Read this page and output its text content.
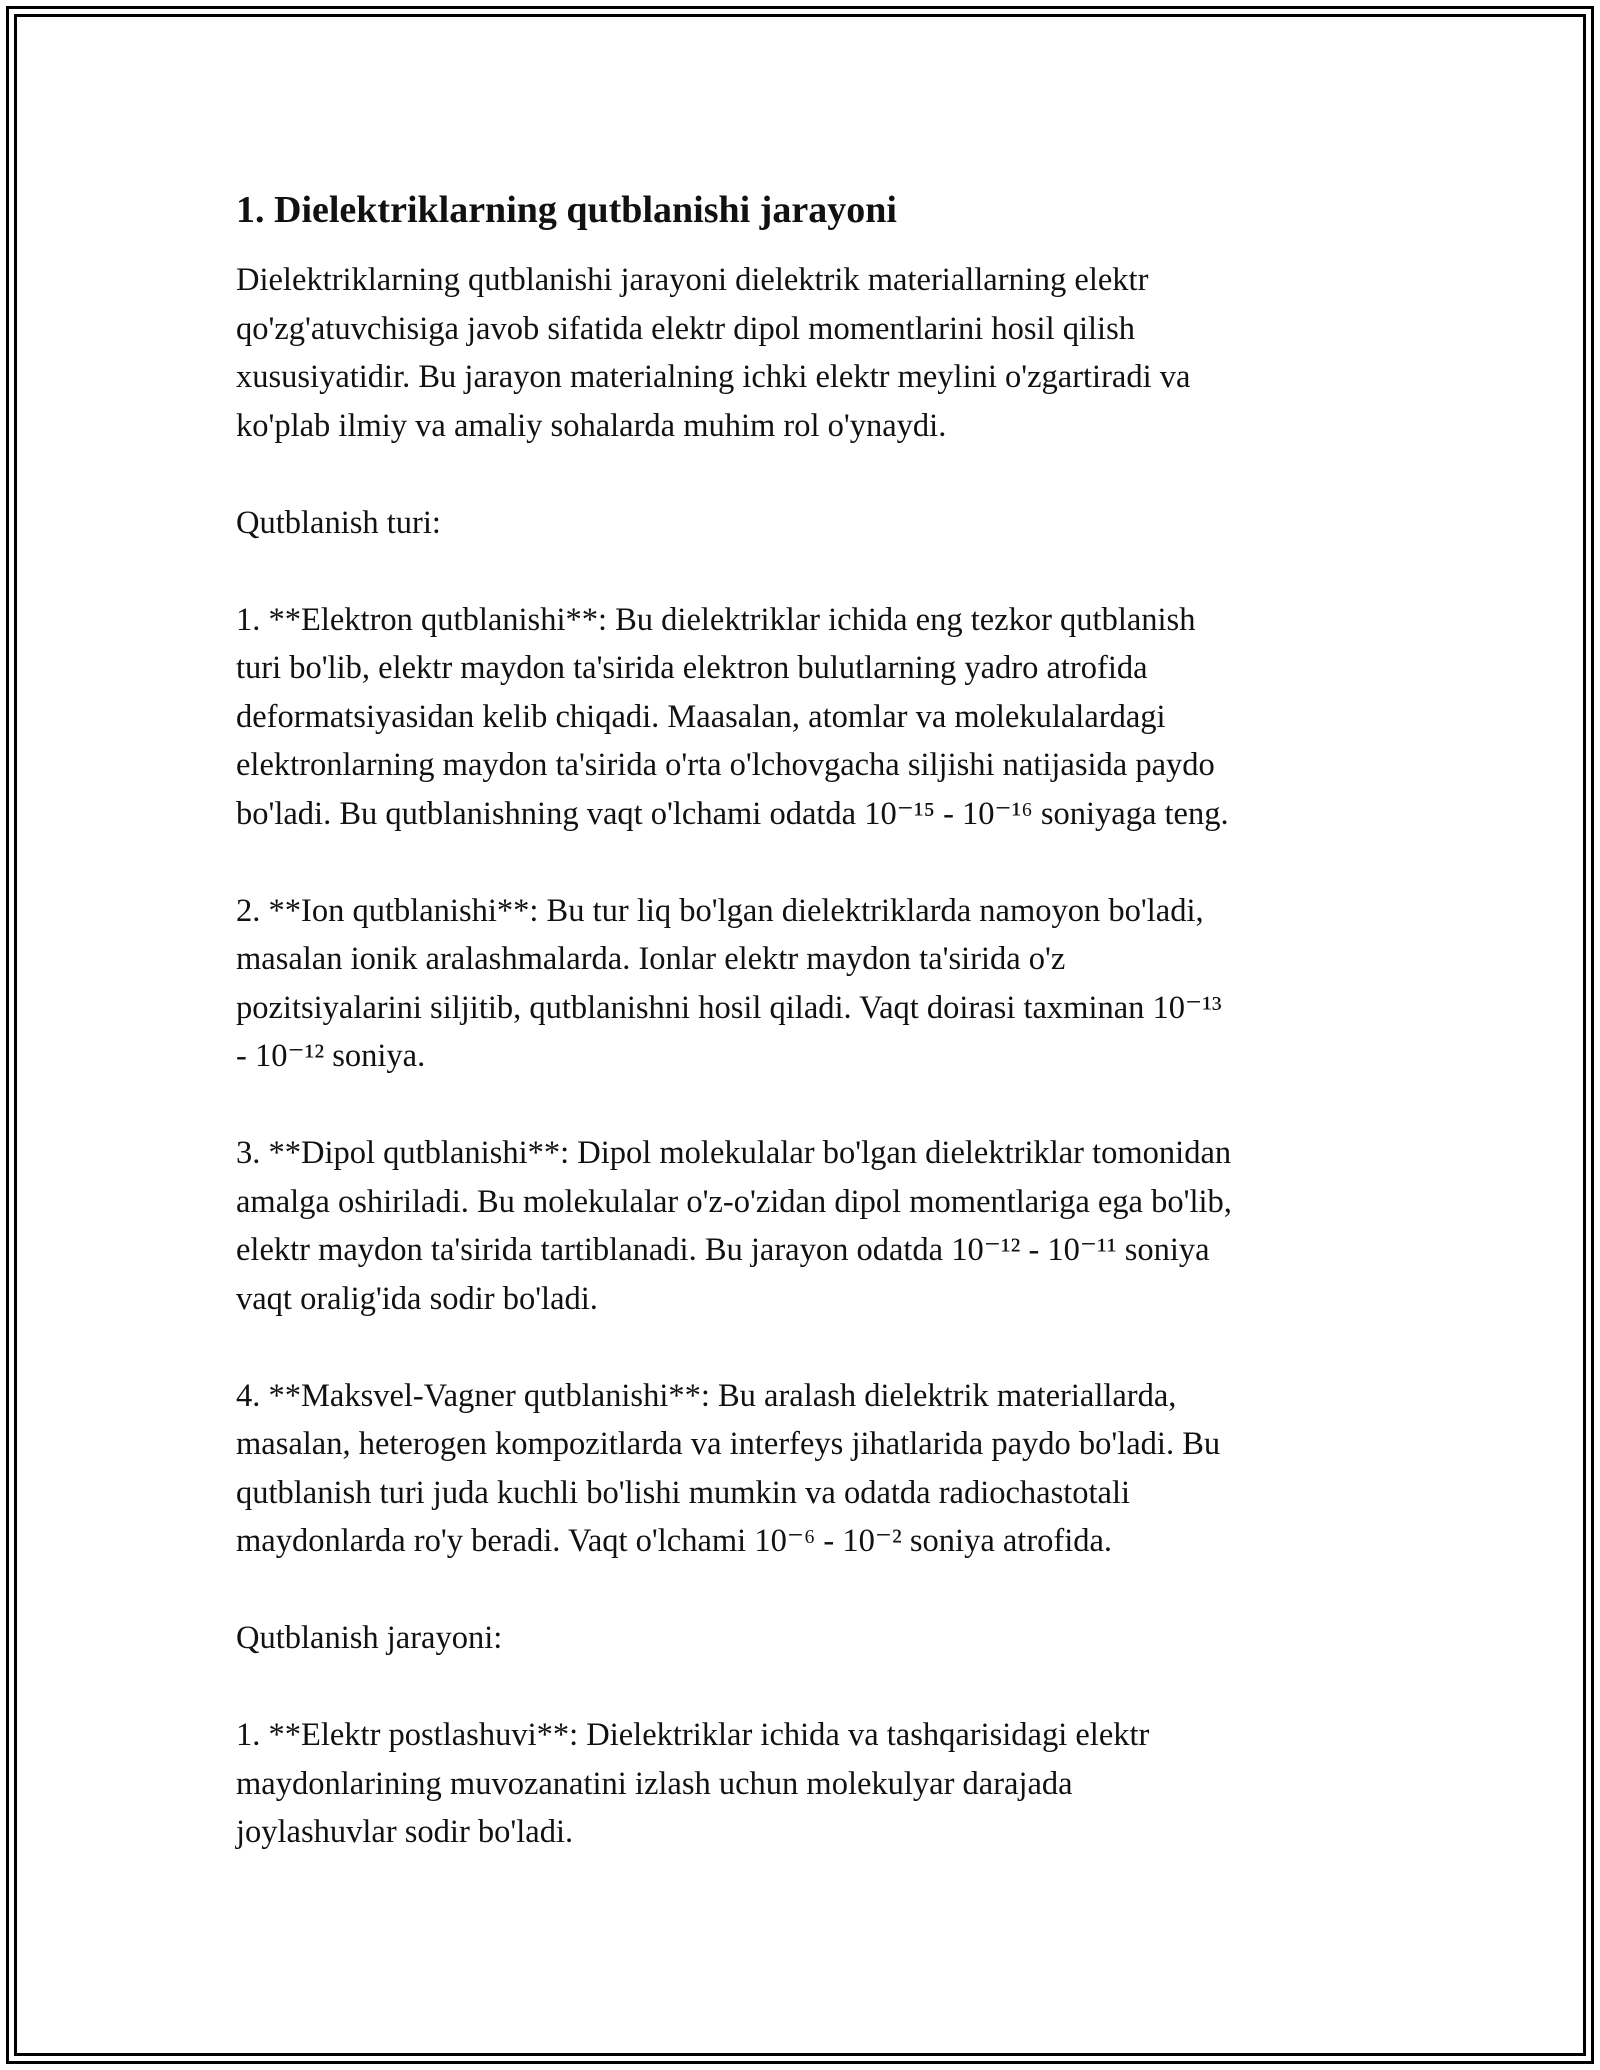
1. Dielektriklarning qutblanishi jarayoni

Dielektriklarning qutblanishi jarayoni dielektrik materiallarning elektr
qo'zg'atuvchisiga javob sifatida elektr dipol momentlarini hosil qilish
xususiyatidir. Bu jarayon materialning ichki elektr meylini o'zgartiradi va
ko'plab ilmiy va amaliy sohalarda muhim rol o'ynaydi.

Qutblanish turi:

1. **Elektron qutblanishi**: Bu dielektriklar ichida eng tezkor qutblanish
turi bo'lib, elektr maydon ta'sirida elektron bulutlarning yadro atrofida
deformatsiyasidan kelib chiqadi. Maasalan, atomlar va molekulalardagi
elektronlarning maydon ta'sirida o'rta o'lchovgacha siljishi natijasida paydo
bo'ladi. Bu qutblanishning vaqt o'lchami odatda 10⁻¹⁵ - 10⁻¹⁶ soniyaga teng.

2. **Ion qutblanishi**: Bu tur liq bo'lgan dielektriklarda namoyon bo'ladi,
masalan ionik aralashmalarda. Ionlar elektr maydon ta'sirida o'z
pozitsiyalarini siljitib, qutblanishni hosil qiladi. Vaqt doirasi taxminan 10⁻¹³
- 10⁻¹² soniya.

3. **Dipol qutblanishi**: Dipol molekulalar bo'lgan dielektriklar tomonidan
amalga oshiriladi. Bu molekulalar o'z-o'zidan dipol momentlariga ega bo'lib,
elektr maydon ta'sirida tartiblanadi. Bu jarayon odatda 10⁻¹² - 10⁻¹¹ soniya
vaqt oralig'ida sodir bo'ladi.

4. **Maksvel-Vagner qutblanishi**: Bu aralash dielektrik materiallarda,
masalan, heterogen kompozitlarda va interfeys jihatlarida paydo bo'ladi. Bu
qutblanish turi juda kuchli bo'lishi mumkin va odatda radiochastotali
maydonlarda ro'y beradi. Vaqt o'lchami 10⁻⁶ - 10⁻² soniya atrofida.

Qutblanish jarayoni:

1. **Elektr postlashuvi**: Dielektriklar ichida va tashqarisidagi elektr
maydonlarining muvozanatini izlash uchun molekulyar darajada
joylashuvlar sodir bo'ladi.
